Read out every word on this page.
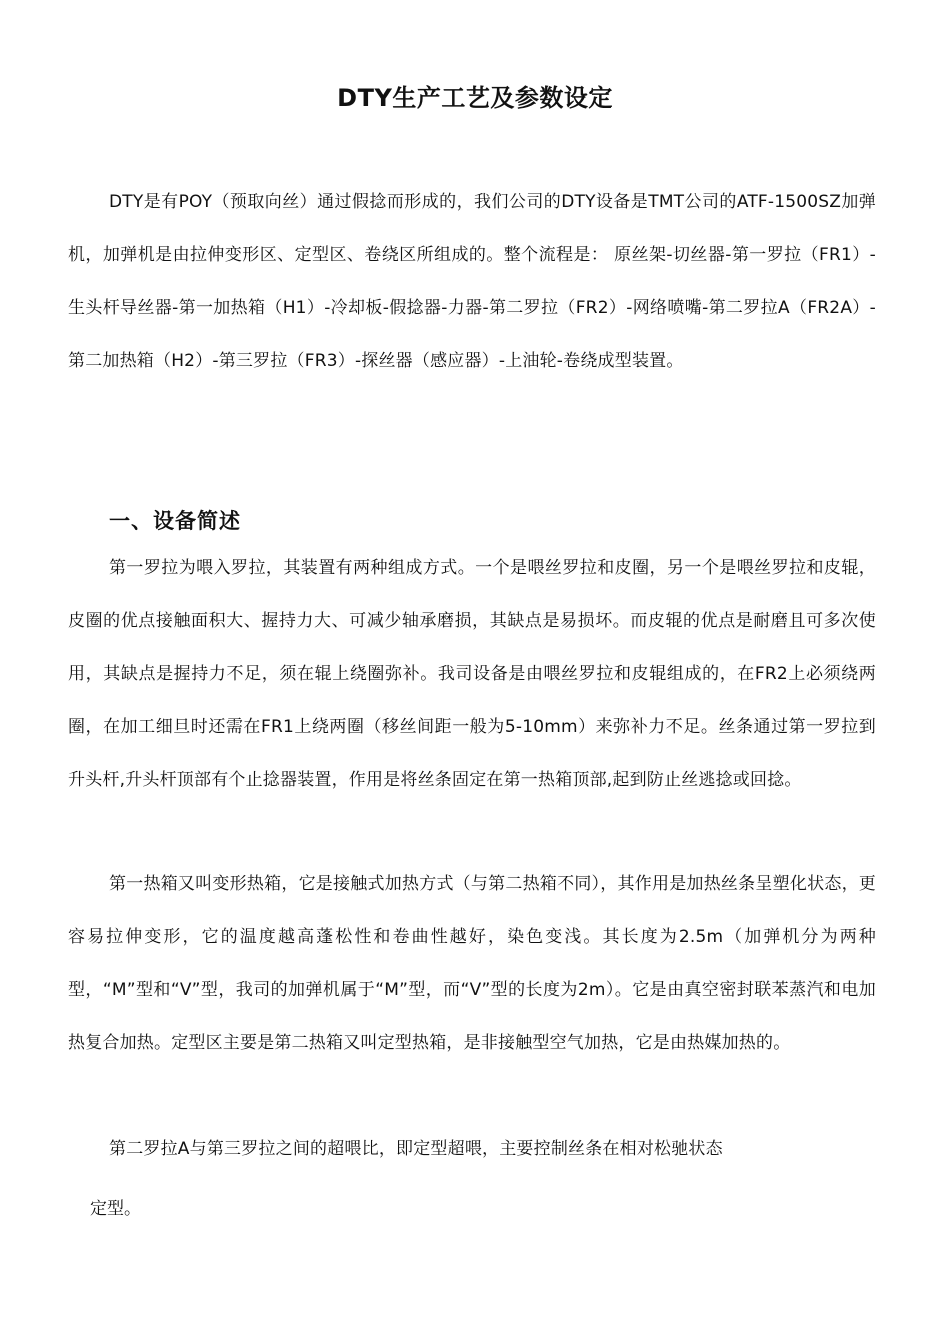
DTY生产工艺及参数设定

DTY是有POY（预取向丝）通过假捻而形成的，我们公司的DTY设备是TMT公司的ATF-1500SZ加弹机，加弹机是由拉伸变形区、定型区、卷绕区所组成的。整个流程是： 原丝架-切丝器-第一罗拉（FR1）-生头杆导丝器-第一加热箱（H1）-冷却板-假捻器-力器-第二罗拉（FR2）-网络喷嘴-第二罗拉A（FR2A）-第二加热箱（H2）-第三罗拉（FR3）-探丝器（感应器）-上油轮-卷绕成型装置。

一、设备简述

第一罗拉为喂入罗拉，其装置有两种组成方式。一个是喂丝罗拉和皮圈，另一个是喂丝罗拉和皮辊，皮圈的优点接触面积大、握持力大、可减少轴承磨损，其缺点是易损坏。而皮辊的优点是耐磨且可多次使用，其缺点是握持力不足，须在辊上绕圈弥补。我司设备是由喂丝罗拉和皮辊组成的，在FR2上必须绕两圈，在加工细旦时还需在FR1上绕两圈（移丝间距一般为5-10mm）来弥补力不足。丝条通过第一罗拉到升头杆,升头杆顶部有个止捻器装置，作用是将丝条固定在第一热箱顶部,起到防止丝逃捻或回捻。

第一热箱又叫变形热箱，它是接触式加热方式（与第二热箱不同），其作用是加热丝条呈塑化状态，更容易拉伸变形，它的温度越高蓬松性和卷曲性越好，染色变浅。其长度为2.5m（加弹机分为两种型，“M”型和“V”型，我司的加弹机属于“M”型，而“V”型的长度为2m）。它是由真空密封联苯蒸汽和电加热复合加热。定型区主要是第二热箱又叫定型热箱，是非接触型空气加热，它是由热媒加热的。

第二罗拉A与第三罗拉之间的超喂比，即定型超喂，主要控制丝条在相对松驰状态

定型。
